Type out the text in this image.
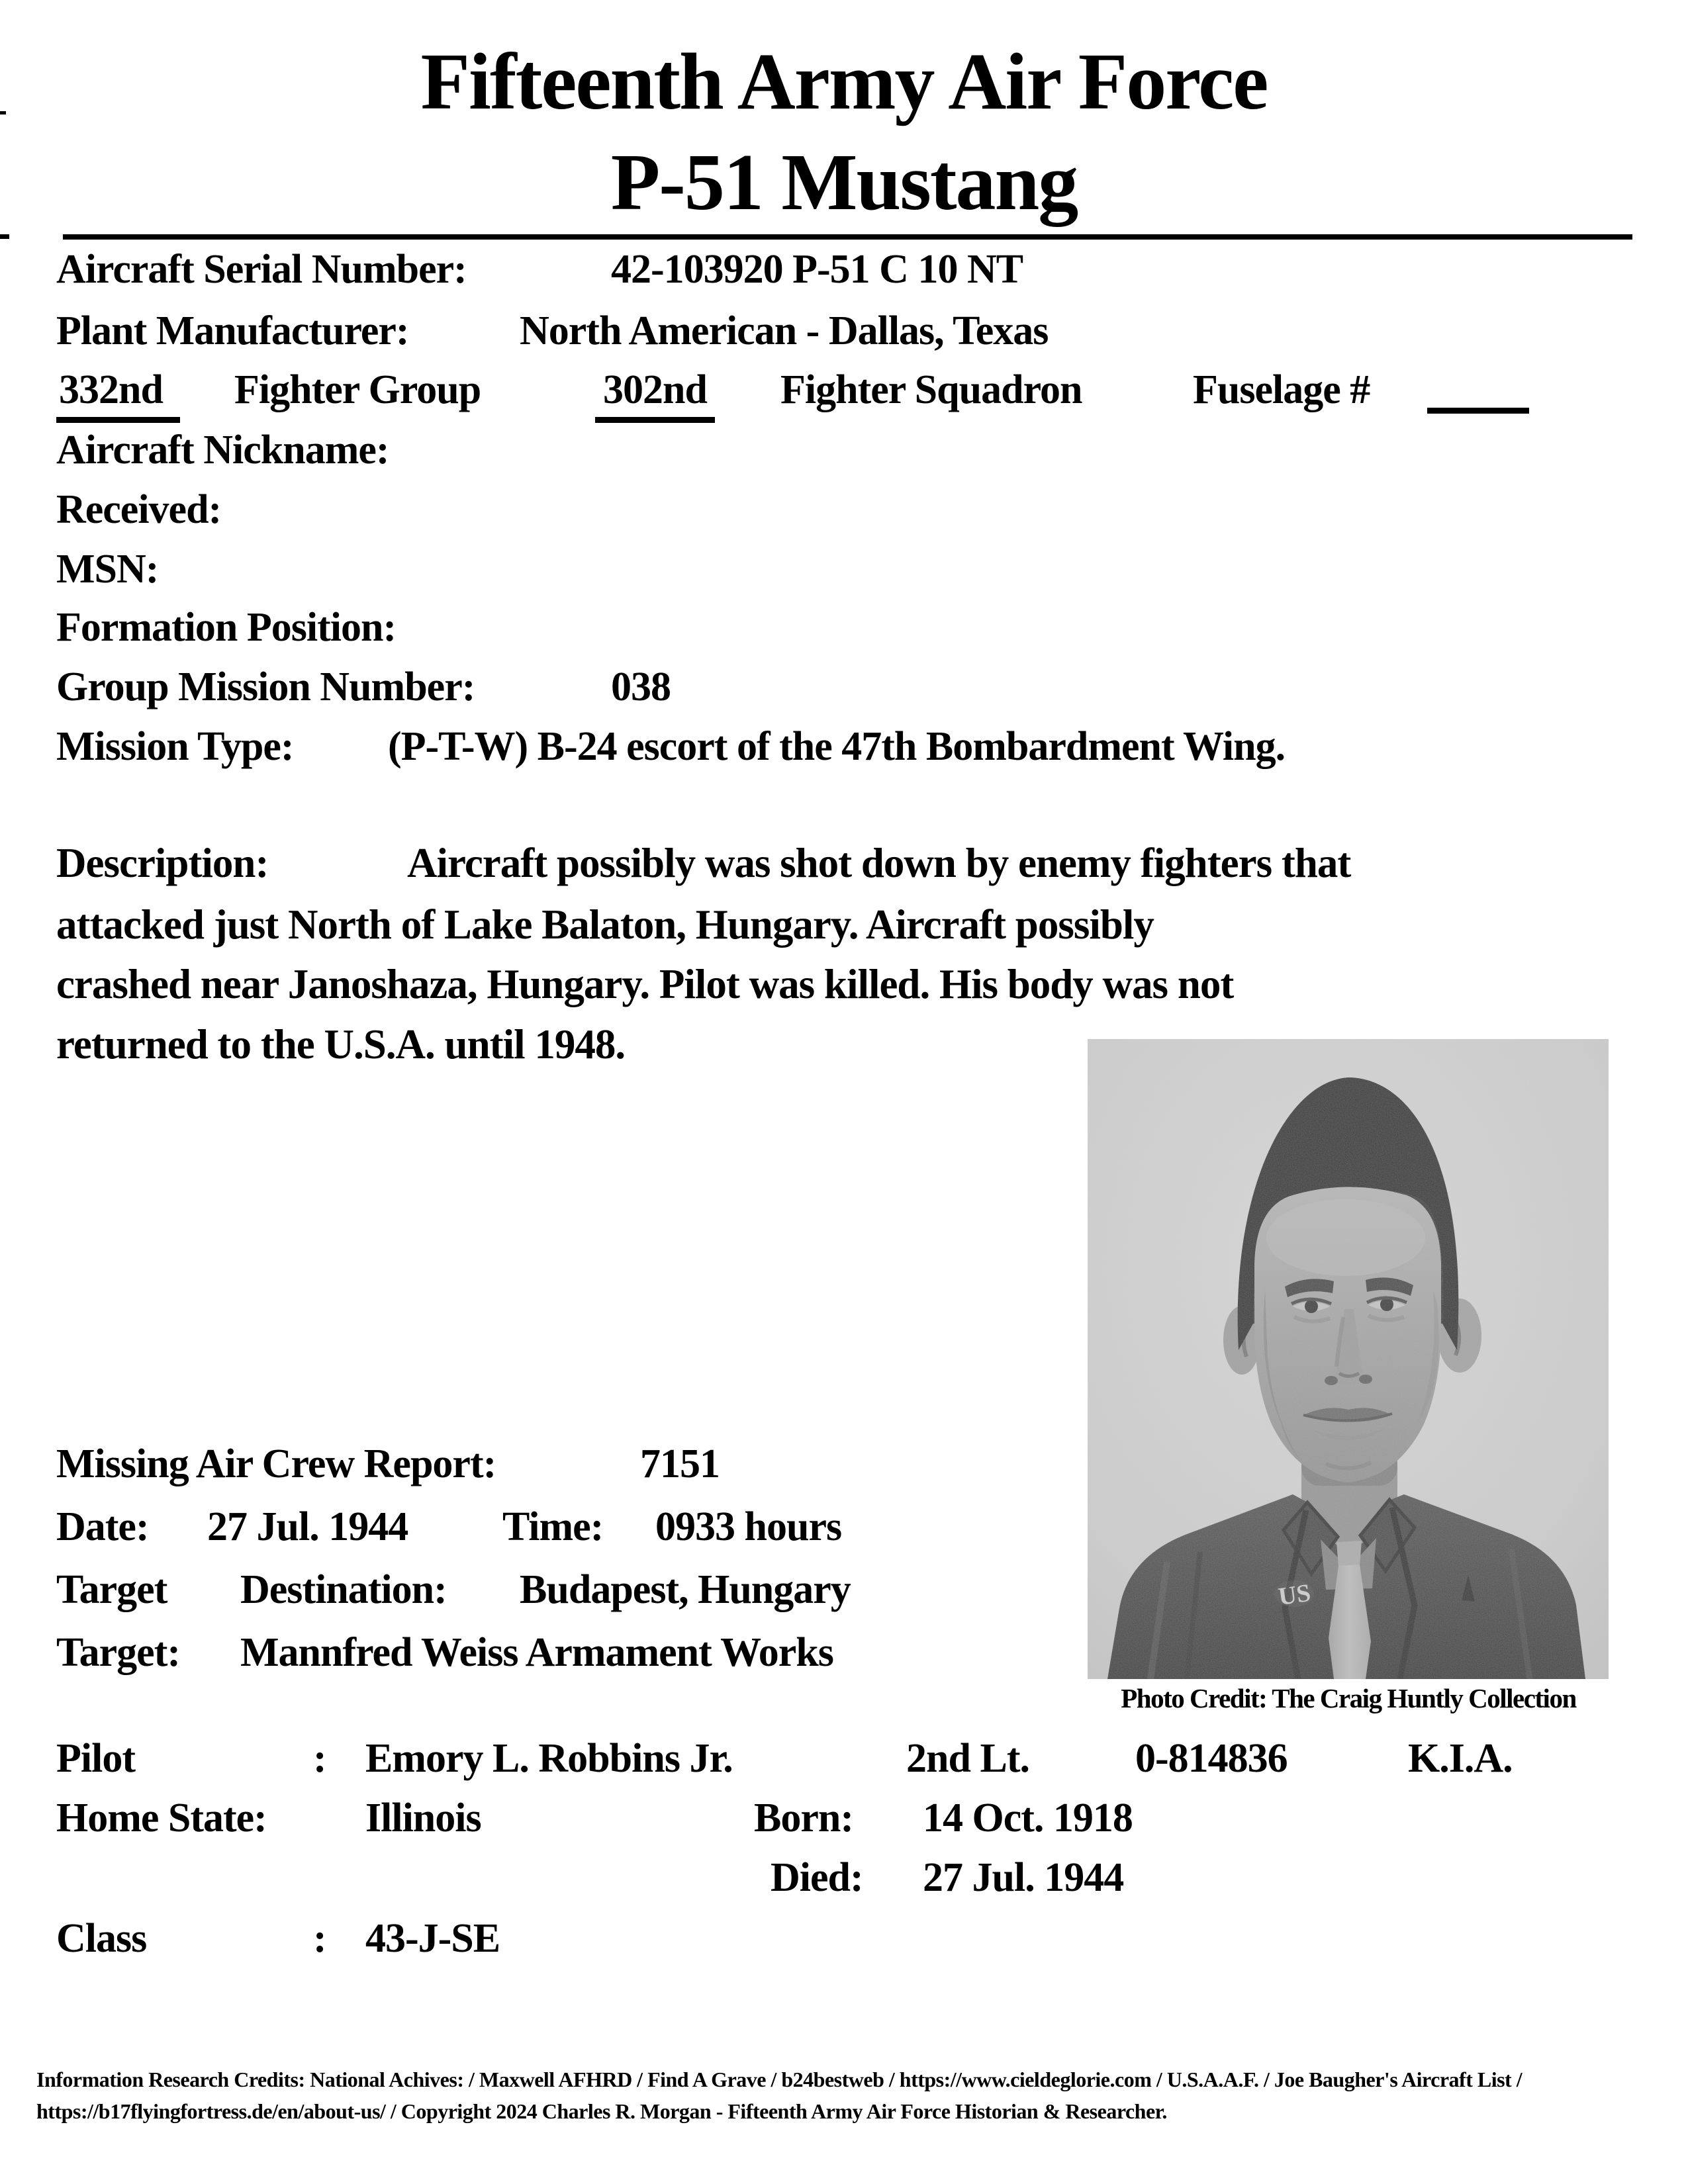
Fifteenth Army Air Force
P-51 Mustang
Aircraft Serial Number:	42-103920 P-51 C 10 NT
Plant Manufacturer:	North American - Dallas, Texas
332nd Fighter Group	302nd Fighter Squadron	Fuselage #
Aircraft Nickname:
Received:
MSN:
Formation Position:
Group Mission Number:	038
Mission Type: (P-T-W) B-24 escort of the 47th Bombardment Wing.
Description:	Aircraft possibly was shot down by enemy fighters that
attacked just North of Lake Balaton, Hungary. Aircraft possibly
crashed near Janoshaza, Hungary. Pilot was killed. His body was not
returned to the U.S.A. until 1948.
US
Photo Credit: The Craig Huntly Collection
Missing Air Crew Report:	7151
Date: 27 Jul. 1944 Time: 0933 hours
Target Destination: Budapest, Hungary
Target: Mannfred Weiss Armament Works
Pilot	: Emory L. Robbins Jr.	2nd Lt.	0-814836	K.I.A.
Home State: Illinois	Born: 14 Oct. 1918
Died: 27 Jul. 1944
Class	: 43-J-SE
Information Research Credits: National Achives: / Maxwell AFHRD / Find A Grave / b24bestweb / https://www.cieldeglorie.com / U.S.A.A.F. / Joe Baugher's Aircraft List /
https://b17flyingfortress.de/en/about-us/ / Copyright 2024 Charles R. Morgan - Fifteenth Army Air Force Historian & Researcher.
